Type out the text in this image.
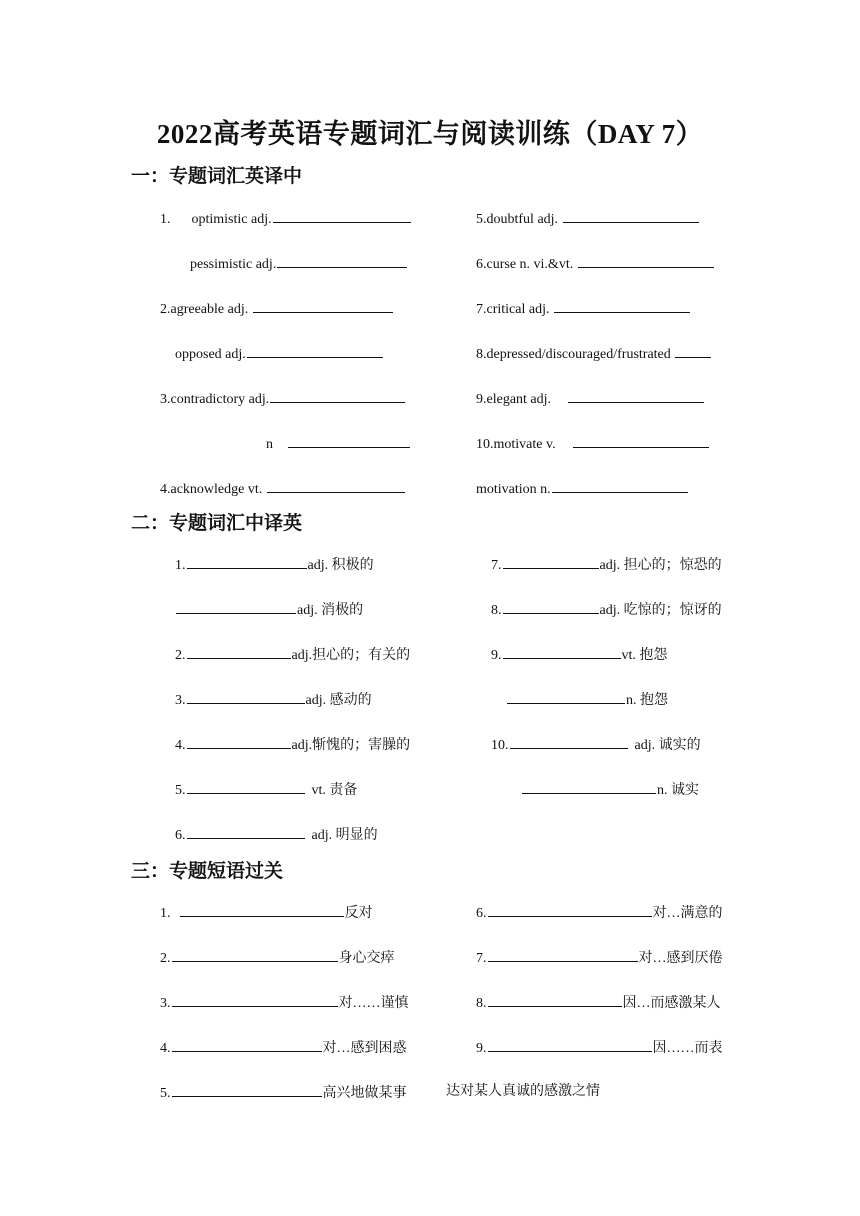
2022高考英语专题词汇与阅读训练（DAY 7）
一：专题词汇英译中
1. optimistic adj.
pessimistic adj.
2.agreeable adj.
opposed adj.
3.contradictory adj.
n
4.acknowledge vt.
5.doubtful adj.
6.curse n. vi.&vt.
7.critical adj.
8.depressed/discouraged/frustrated
9.elegant adj.
10.motivate v.
motivation n.
二：专题词汇中译英
1.	adj. 积极的
adj. 消极的
2.	adj.担心的；有关的
3.	adj. 感动的
4.	adj.惭愧的；害臊的
5.	vt. 责备
6.	adj. 明显的
7.	adj. 担心的；惊恐的
8.	adj. 吃惊的；惊讶的
9.	vt. 抱怨
n. 抱怨
10.	adj. 诚实的
n. 诚实
三：专题短语过关
1.	反对
2.	身心交瘁
3.	对……谨慎
4.	对…感到困惑
5.	高兴地做某事
6.	对…满意的
7.	对…感到厌倦
8.	因…而感激某人
9.	因……而表
达对某人真诚的感激之情
